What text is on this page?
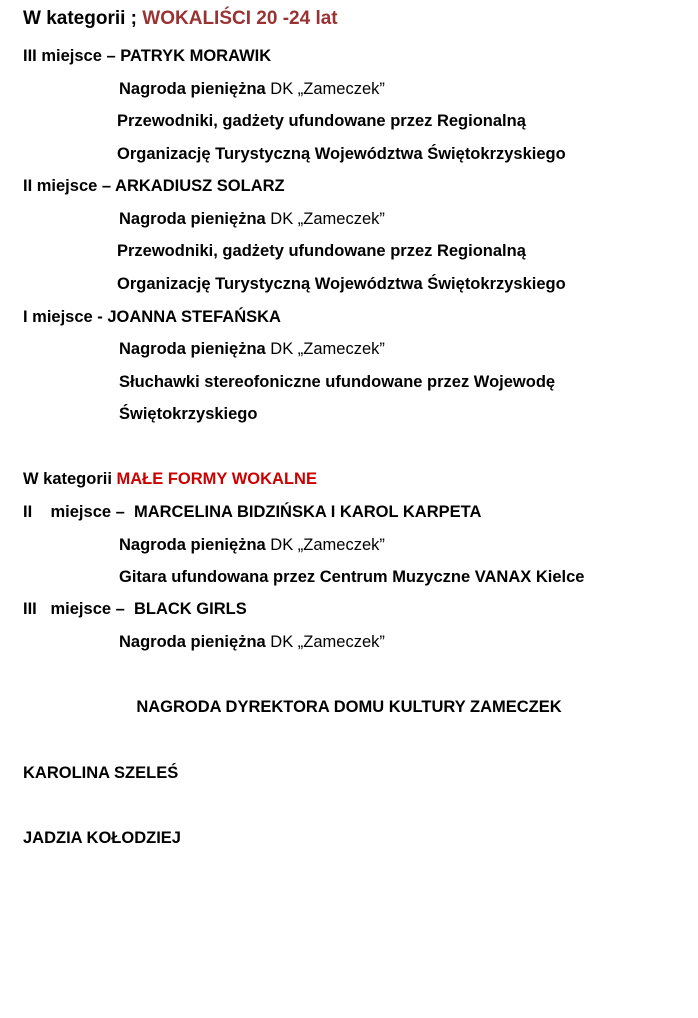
W kategorii ; WOKALIŚCI 20 -24 lat
III miejsce – PATRYK MORAWIK
Nagroda pieniężna DK „Zameczek”
Przewodniki, gadżety ufundowane przez Regionalną
Organizację Turystyczną Województwa Świętokrzyskiego
II miejsce – ARKADIUSZ SOLARZ
Nagroda pieniężna DK „Zameczek”
Przewodniki, gadżety ufundowane przez Regionalną
Organizację Turystyczną Województwa Świętokrzyskiego
I miejsce - JOANNA STEFAŃSKA
Nagroda pieniężna DK „Zameczek”
Słuchawki stereofoniczne ufundowane przez Wojewodę
Świętokrzyskiego
W kategorii MAŁE FORMY WOKALNE
II    miejsce –  MARCELINA BIDZIŃSKA I KAROL KARPETA
Nagroda pieniężna DK „Zameczek”
Gitara ufundowana przez Centrum Muzyczne VANAX Kielce
III   miejsce –  BLACK GIRLS
Nagroda pieniężna DK „Zameczek”
NAGRODA DYREKTORA DOMU KULTURY ZAMECZEK
KAROLINA SZELEŚ
JADZIA KOŁODZIEJ
